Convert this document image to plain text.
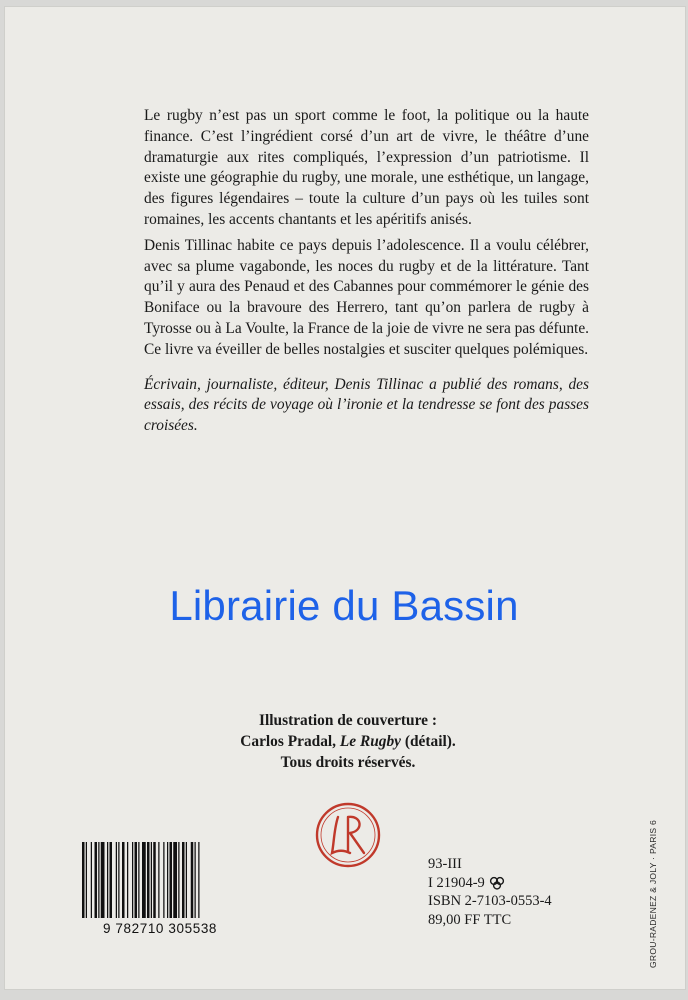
Le rugby n’est pas un sport comme le foot, la politique ou la haute finance. C’est l’ingrédient corsé d’un art de vivre, le théâtre d’une dramaturgie aux rites compliqués, l’expression d’un patriotisme. Il existe une géographie du rugby, une morale, une esthétique, un langage, des figures légendaires – toute la culture d’un pays où les tuiles sont romaines, les accents chantants et les apéritifs anisés.

Denis Tillinac habite ce pays depuis l’adolescence. Il a voulu célébrer, avec sa plume vagabonde, les noces du rugby et de la littérature. Tant qu’il y aura des Penaud et des Cabannes pour commémorer le génie des Boniface ou la bravoure des Herrero, tant qu’on parlera de rugby à Tyrosse ou à La Voulte, la France de la joie de vivre ne sera pas défunte. Ce livre va éveiller de belles nostalgies et susciter quelques polémiques.

Écrivain, journaliste, éditeur, Denis Tillinac a publié des romans, des essais, des récits de voyage où l’ironie et la tendresse se font des passes croisées.

Illustration de couverture :
Carlos Pradal, Le Rugby (détail).
Tous droits réservés.
93-III
I 21904-9
ISBN 2-7103-0553-4
89,00 FF TTC
Librairie du Bassin
9 782710 305538	GROU-RADENEZ & JOLY · PARIS 6
